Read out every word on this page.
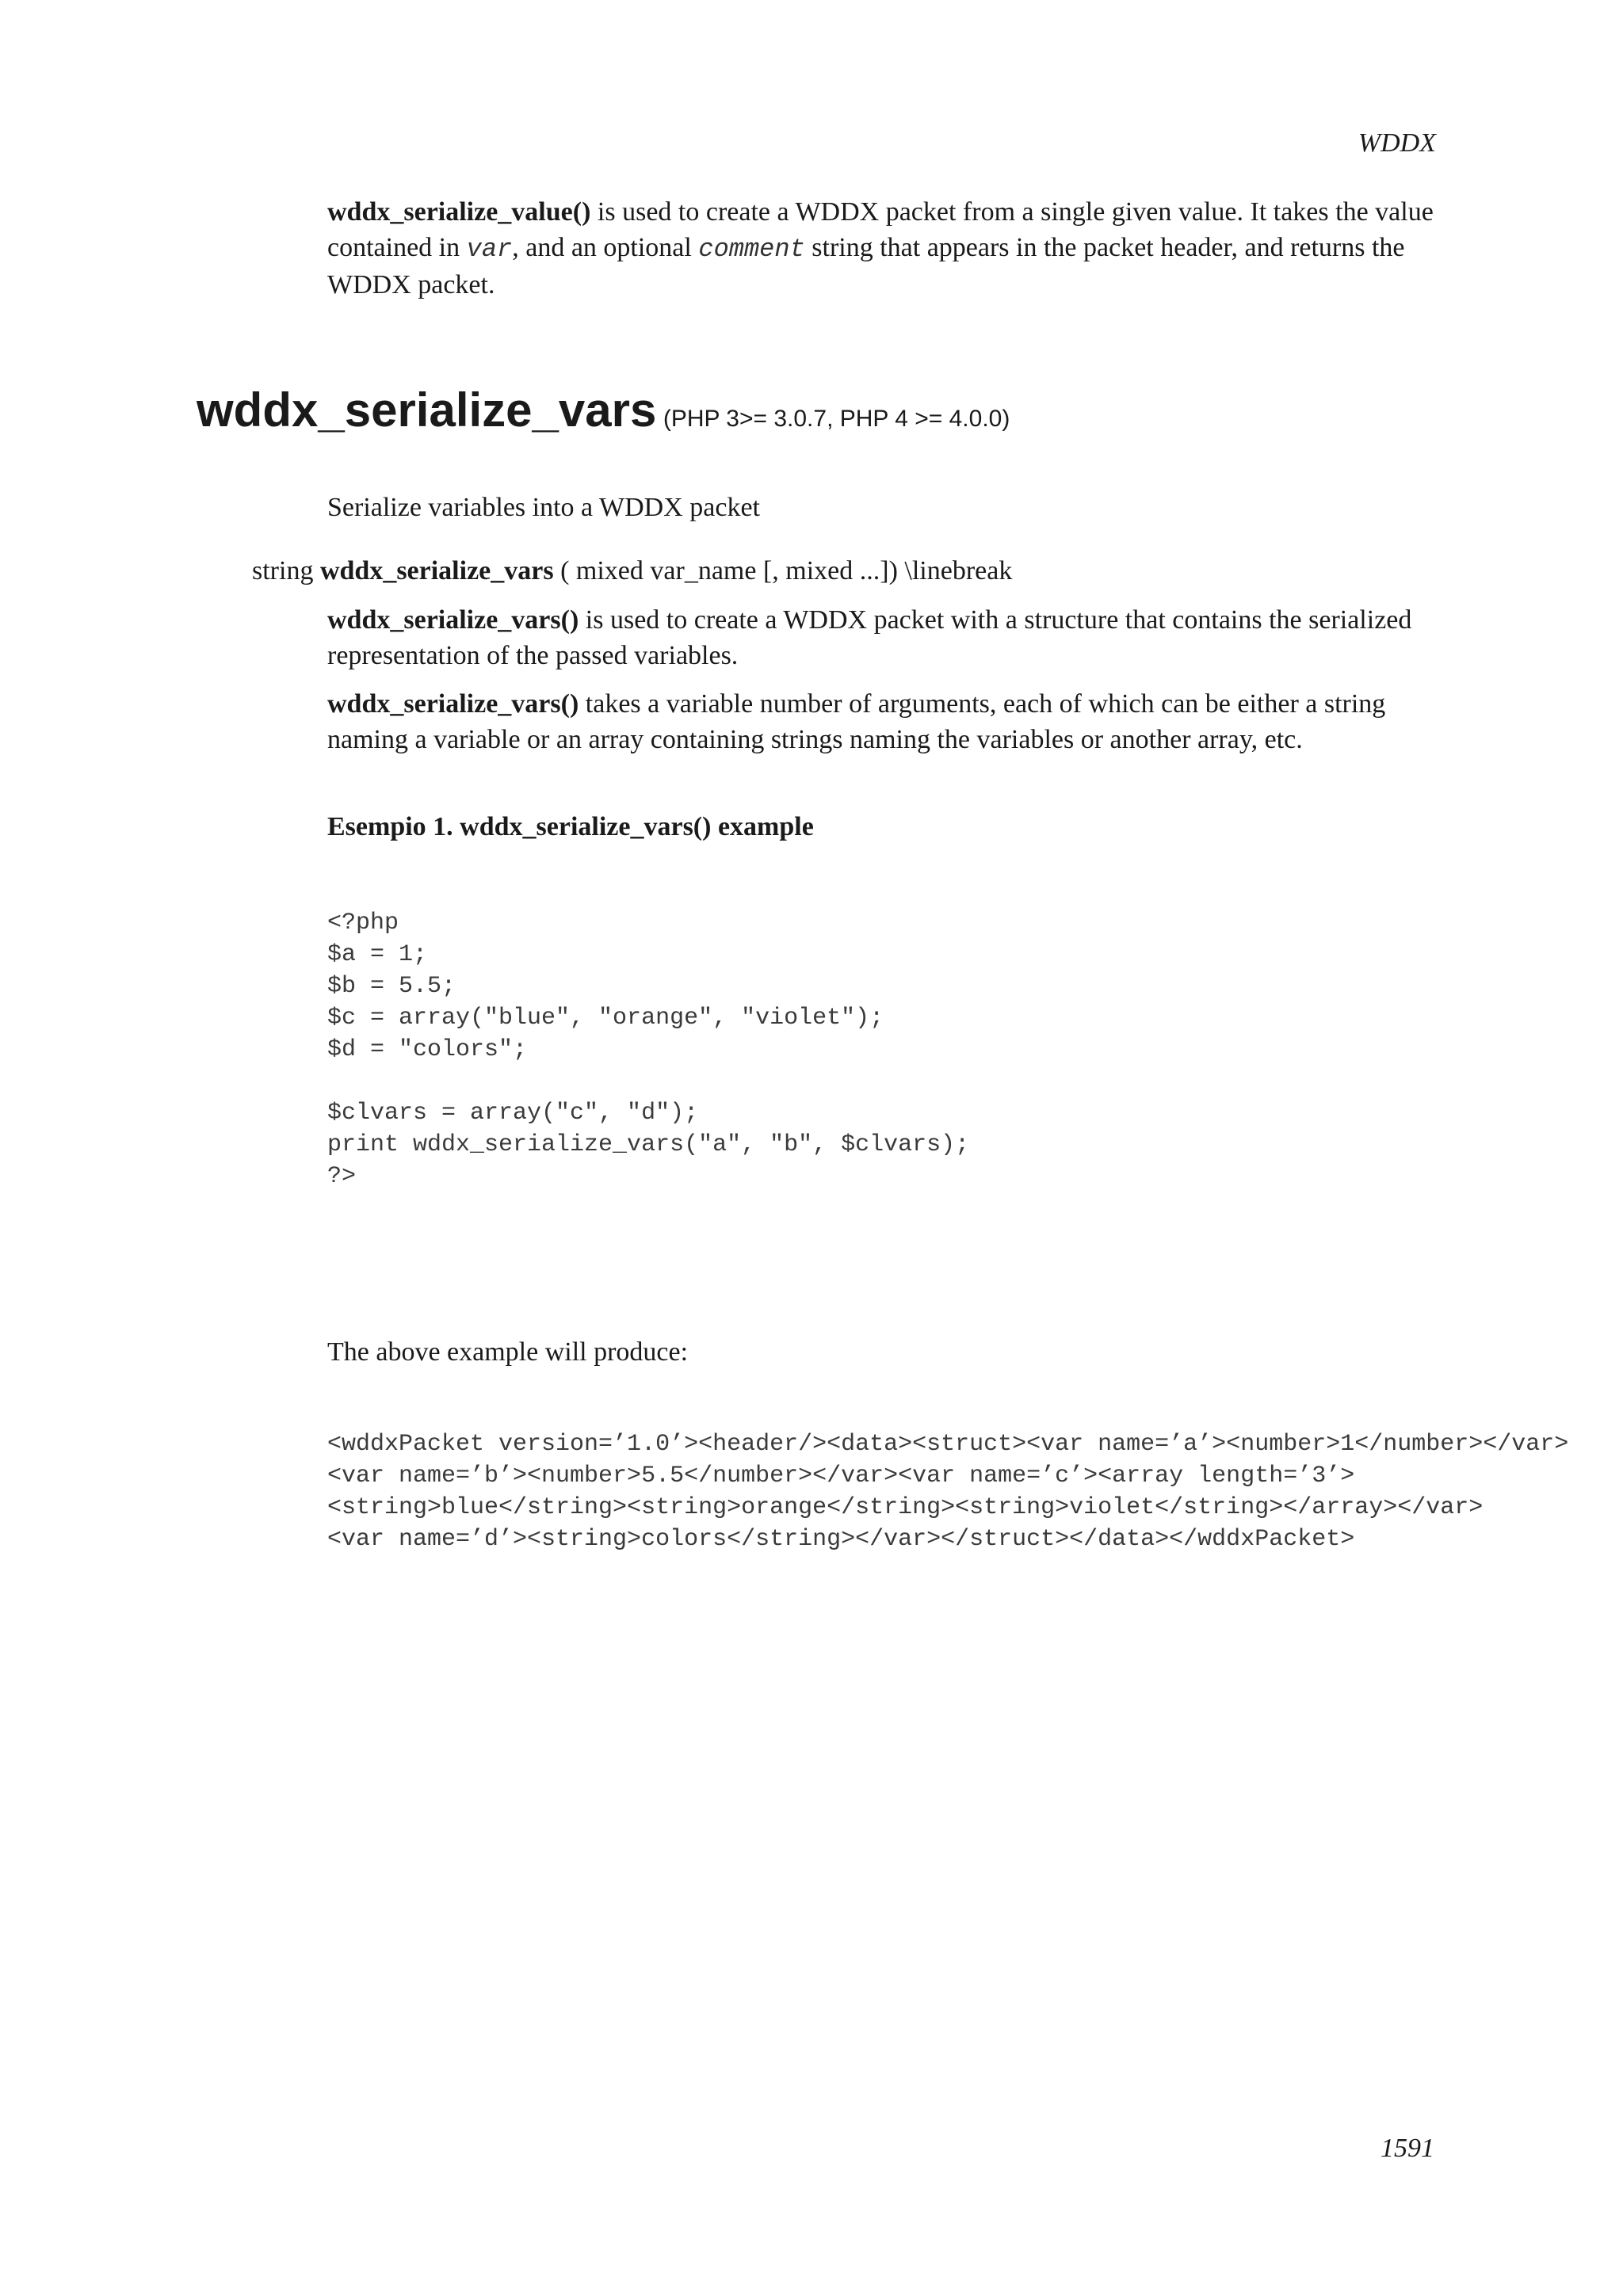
WDDX

wddx_serialize_value() is used to create a WDDX packet from a single given value. It takes the value contained in var, and an optional comment string that appears in the packet header, and returns the WDDX packet.

wddx_serialize_vars (PHP 3>= 3.0.7, PHP 4 >= 4.0.0)

Serialize variables into a WDDX packet

string wddx_serialize_vars ( mixed var_name [, mixed ...]) \linebreak

wddx_serialize_vars() is used to create a WDDX packet with a structure that contains the serialized representation of the passed variables.

wddx_serialize_vars() takes a variable number of arguments, each of which can be either a string naming a variable or an array containing strings naming the variables or another array, etc.

Esempio 1. wddx_serialize_vars() example
<?php
$a = 1;
$b = 5.5;
$c = array("blue", "orange", "violet");
$d = "colors";

$clvars = array("c", "d");
print wddx_serialize_vars("a", "b", $clvars);
?>

The above example will produce:

<wddxPacket version=’1.0’><header/><data><struct><var name=’a’><number>1</number></var>
<var name=’b’><number>5.5</number></var><var name=’c’><array length=’3’>
<string>blue</string><string>orange</string><string>violet</string></array></var>
<var name=’d’><string>colors</string></var></struct></data></wddxPacket>
1591
